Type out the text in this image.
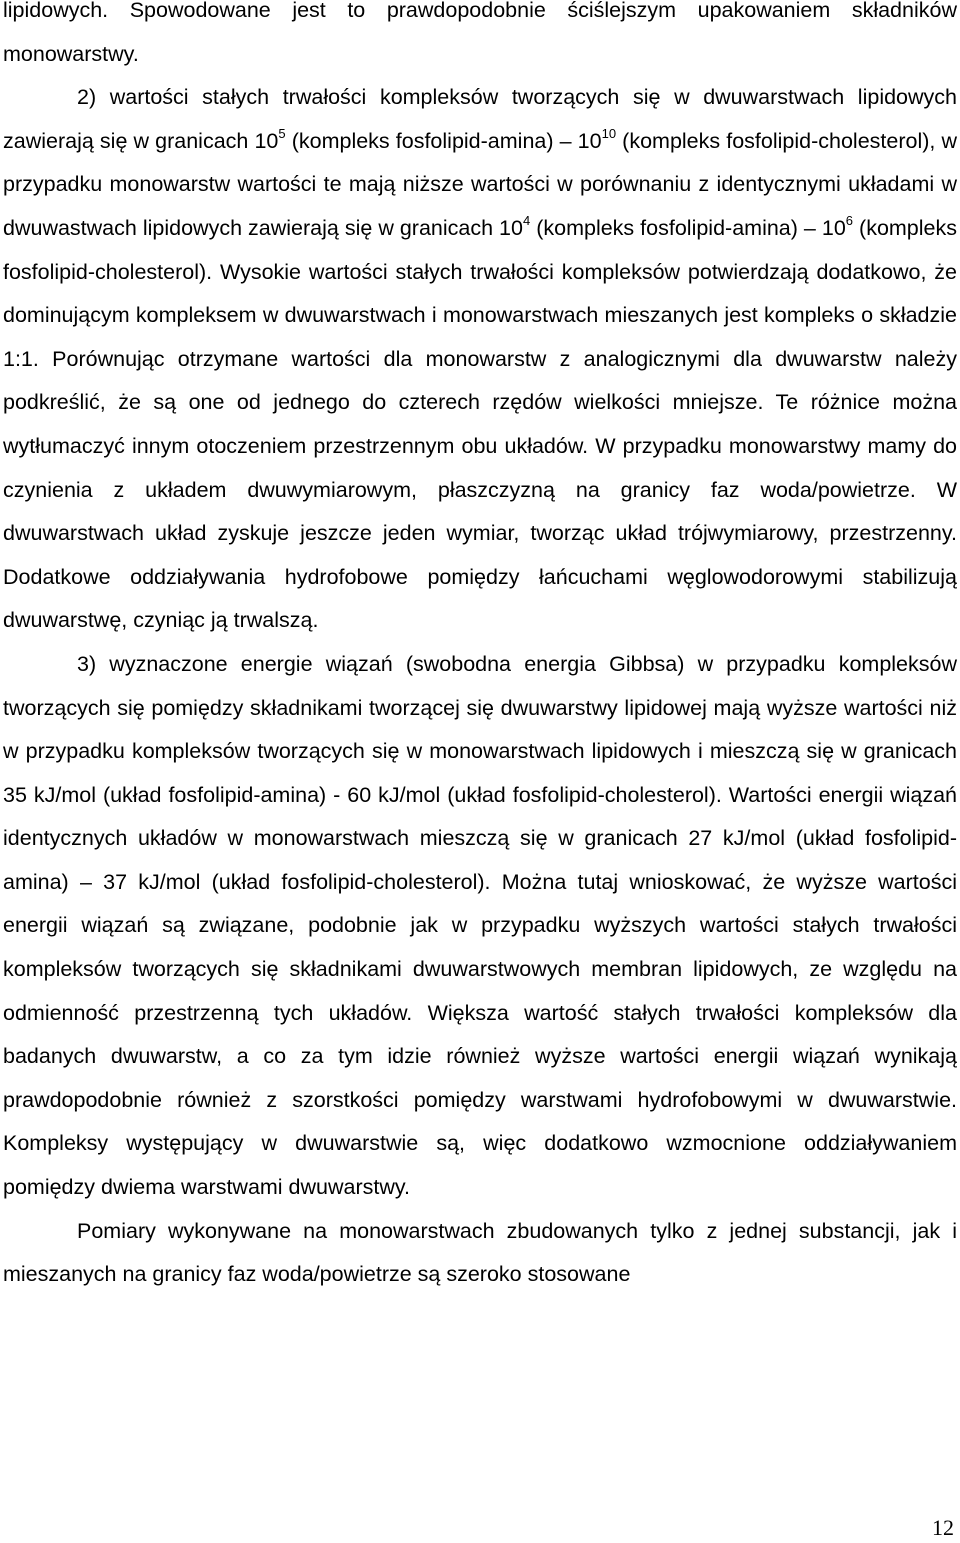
lipidowych. Spowodowane jest to prawdopodobnie ściślejszym upakowaniem składników monowarstwy.

2) wartości stałych trwałości kompleksów tworzących się w dwuwarstwach lipidowych zawierają się w granicach $10^5$ (kompleks fosfolipid-amina) – $10^{10}$ (kompleks fosfolipid-cholesterol), w przypadku monowarstw wartości te mają niższe wartości w porównaniu z identycznymi układami w dwuwastwach lipidowych zawierają się w granicach $10^4$ (kompleks fosfolipid-amina) – $10^6$ (kompleks fosfolipid-cholesterol). Wysokie wartości stałych trwałości kompleksów potwierdzają dodatkowo, że dominującym kompleksem w dwuwarstwach i monowarstwach mieszanych jest kompleks o składzie 1:1. Porównując otrzymane wartości dla monowarstw z analogicznymi dla dwuwarstw należy podkreślić, że są one od jednego do czterech rzędów wielkości mniejsze. Te różnice można wytłumaczyć innym otoczeniem przestrzennym obu układów. W przypadku monowarstwy mamy do czynienia z układem dwuwymiarowym, płaszczyzną na granicy faz woda/powietrze. W dwuwarstwach układ zyskuje jeszcze jeden wymiar, tworząc układ trójwymiarowy, przestrzenny. Dodatkowe oddziaływania hydrofobowe pomiędzy łańcuchami węglowodorowymi stabilizują dwuwarstwę, czyniąc ją trwalszą.

3) wyznaczone energie wiązań (swobodna energia Gibbsa) w przypadku kompleksów tworzących się pomiędzy składnikami tworzącej się dwuwarstwy lipidowej mają wyższe wartości niż w przypadku kompleksów tworzących się w monowarstwach lipidowych i mieszczą się w granicach 35 kJ/mol (układ fosfolipid-amina) - 60 kJ/mol (układ fosfolipid-cholesterol). Wartości energii wiązań identycznych układów w monowarstwach mieszczą się w granicach 27 kJ/mol (układ fosfolipid-amina) – 37 kJ/mol (układ fosfolipid-cholesterol). Można tutaj wnioskować, że wyższe wartości energii wiązań są związane, podobnie jak w przypadku wyższych wartości stałych trwałości kompleksów tworzących się składnikami dwuwarstwowych membran lipidowych, ze względu na odmienność przestrzenną tych układów. Większa wartość stałych trwałości kompleksów dla badanych dwuwarstw, a co za tym idzie również wyższe wartości energii wiązań wynikają prawdopodobnie również z szorstkości pomiędzy warstwami hydrofobowymi w dwuwarstwie. Kompleksy występujący w dwuwarstwie są, więc dodatkowo wzmocnione oddziaływaniem pomiędzy dwiema warstwami dwuwarstwy.

Pomiary wykonywane na monowarstwach zbudowanych tylko z jednej substancji, jak i mieszanych na granicy faz woda/powietrze są szeroko stosowane

12
